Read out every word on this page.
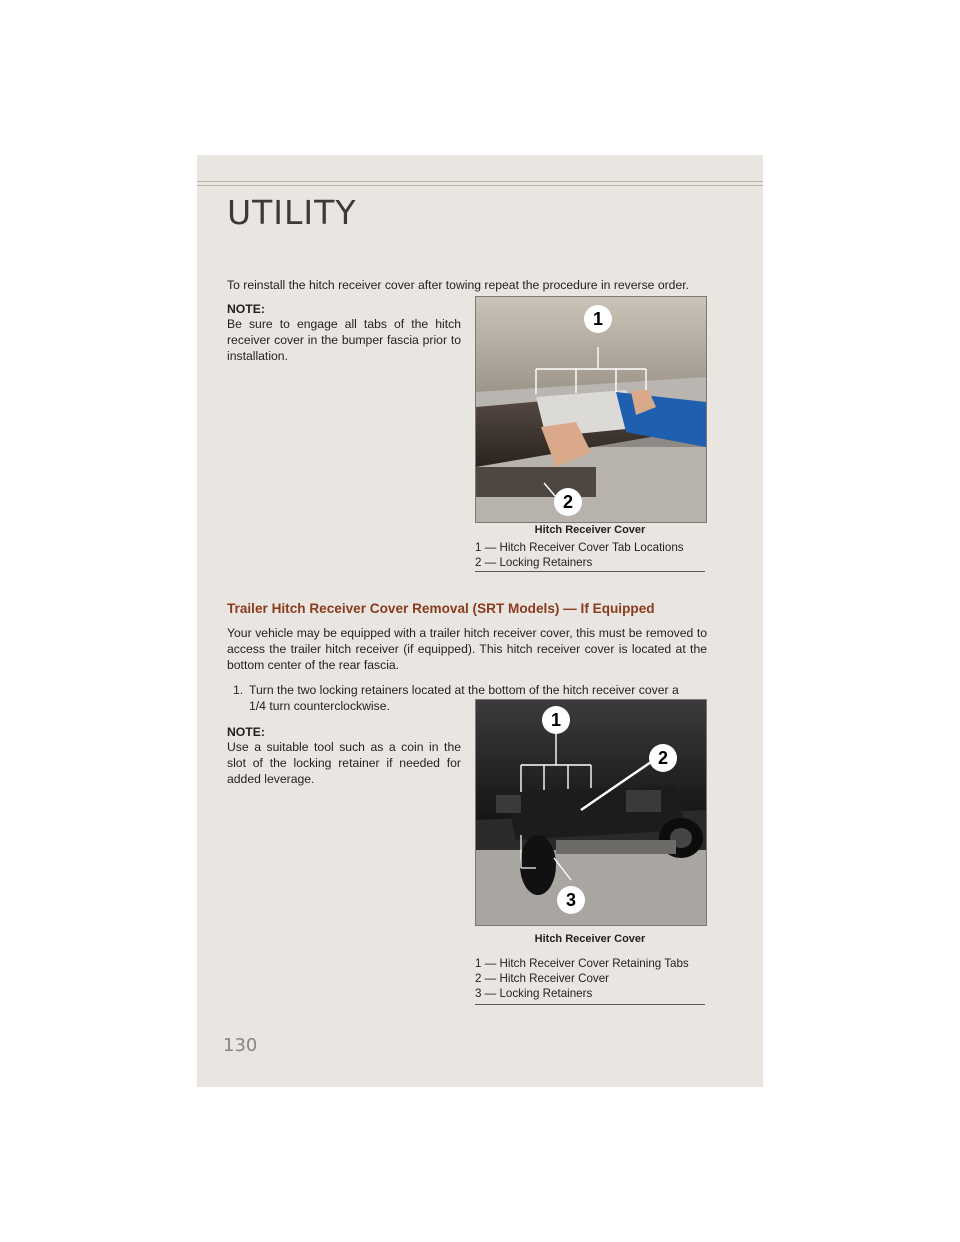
UTILITY
To reinstall the hitch receiver cover after towing repeat the procedure in reverse order.
NOTE:
Be sure to engage all tabs of the hitch receiver cover in the bumper fascia prior to installation.
1
2
Hitch Receiver Cover
1 — Hitch Receiver Cover Tab Locations
2 — Locking Retainers
Trailer Hitch Receiver Cover Removal (SRT Models) — If Equipped
Your vehicle may be equipped with a trailer hitch receiver cover, this must be removed to access the trailer hitch receiver (if equipped). This hitch receiver cover is located at the bottom center of the rear fascia.
1. Turn the two locking retainers located at the bottom of the hitch receiver cover a
1/4 turn counterclockwise.
NOTE:
Use a suitable tool such as a coin in the slot of the locking retainer if needed for added leverage.
1
2
3
Hitch Receiver Cover
1 — Hitch Receiver Cover Retaining Tabs
2 — Hitch Receiver Cover
3 — Locking Retainers
130
